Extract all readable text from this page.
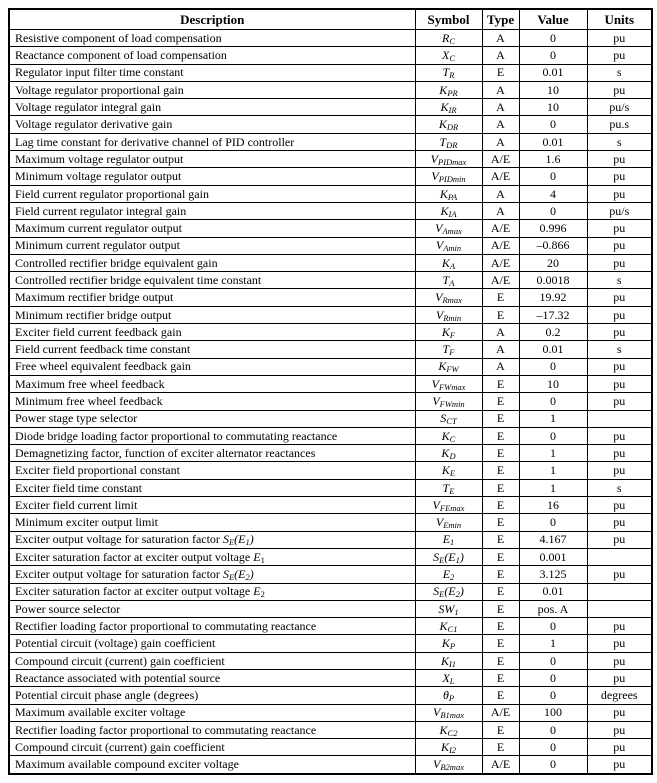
Description	Symbol	Type	Value	Units
Resistive component of load compensation	$R_C$	A	0	pu
Reactance component of load compensation	$X_C$	A	0	pu
Regulator input filter time constant	$T_R$	E	0.01	s
Voltage regulator proportional gain	$K_{PR}$	A	10	pu
Voltage regulator integral gain	$K_{IR}$	A	10	pu/s
Voltage regulator derivative gain	$K_{DR}$	A	0	pu.s
Lag time constant for derivative channel of PID controller	$T_{DR}$	A	0.01	s
Maximum voltage regulator output	$V_{PIDmax}$	A/E	1.6	pu
Minimum voltage regulator output	$V_{PIDmin}$	A/E	0	pu
Field current regulator proportional gain	$K_{PA}$	A	4	pu
Field current regulator integral gain	$K_{IA}$	A	0	pu/s
Maximum current regulator output	$V_{Amax}$	A/E	0.996	pu
Minimum current regulator output	$V_{Amin}$	A/E	–0.866	pu
Controlled rectifier bridge equivalent gain	$K_A$	A/E	20	pu
Controlled rectifier bridge equivalent time constant	$T_A$	A/E	0.0018	s
Maximum rectifier bridge output	$V_{Rmax}$	E	19.92	pu
Minimum rectifier bridge output	$V_{Rmin}$	E	–17.32	pu
Exciter field current feedback gain	$K_F$	A	0.2	pu
Field current feedback time constant	$T_F$	A	0.01	s
Free wheel equivalent feedback gain	$K_{FW}$	A	0	pu
Maximum free wheel feedback	$V_{FWmax}$	E	10	pu
Minimum free wheel feedback	$V_{FWmin}$	E	0	pu
Power stage type selector	$S_{CT}$	E	1	
Diode bridge loading factor proportional to commutating reactance	$K_C$	E	0	pu
Demagnetizing factor, function of exciter alternator reactances	$K_D$	E	1	pu
Exciter field proportional constant	$K_E$	E	1	pu
Exciter field time constant	$T_E$	E	1	s
Exciter field current limit	$V_{FEmax}$	E	16	pu
Minimum exciter output limit	$V_{Emin}$	E	0	pu
Exciter output voltage for saturation factor $S_E(E_1)$	$E_1$	E	4.167	pu
Exciter saturation factor at exciter output voltage $E_1$	$S_E(E_1)$	E	0.001	
Exciter output voltage for saturation factor $S_E(E_2)$	$E_2$	E	3.125	pu
Exciter saturation factor at exciter output voltage $E_2$	$S_E(E_2)$	E	0.01	
Power source selector	$SW_1$	E	pos. A	
Rectifier loading factor proportional to commutating reactance	$K_{C1}$	E	0	pu
Potential circuit (voltage) gain coefficient	$K_P$	E	1	pu
Compound circuit (current) gain coefficient	$K_{I1}$	E	0	pu
Reactance associated with potential source	$X_L$	E	0	pu
Potential circuit phase angle (degrees)	$\theta_P$	E	0	degrees
Maximum available exciter voltage	$V_{B1max}$	A/E	100	pu
Rectifier loading factor proportional to commutating reactance	$K_{C2}$	E	0	pu
Compound circuit (current) gain coefficient	$K_{I2}$	E	0	pu
Maximum available compound exciter voltage	$V_{B2max}$	A/E	0	pu
